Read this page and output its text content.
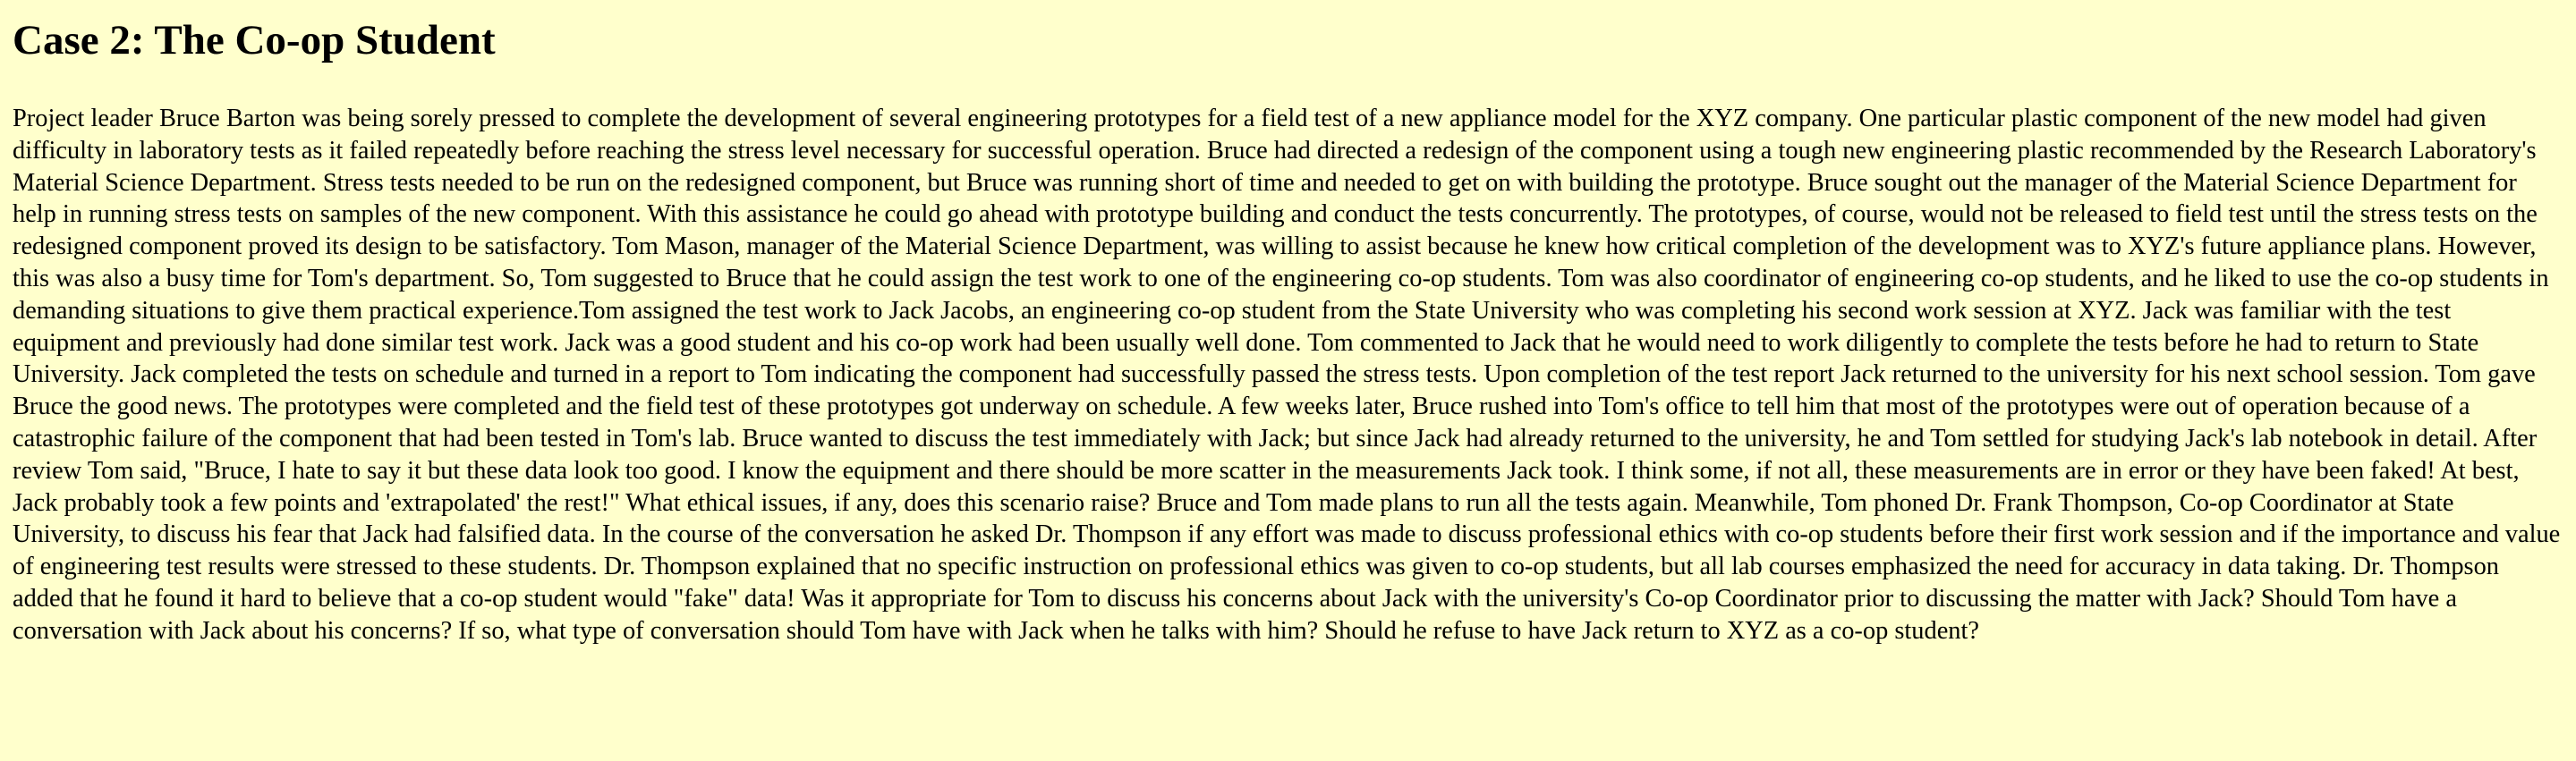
Case 2: The Co-op Student

Project leader Bruce Barton was being sorely pressed to complete the development of several engineering prototypes for a field test of a new appliance model for the XYZ company. One particular plastic component of the new model had given difficulty in laboratory tests as it failed repeatedly before reaching the stress level necessary for successful operation. Bruce had directed a redesign of the component using a tough new engineering plastic recommended by the Research Laboratory's Material Science Department. Stress tests needed to be run on the redesigned component, but Bruce was running short of time and needed to get on with building the prototype. Bruce sought out the manager of the Material Science Department for help in running stress tests on samples of the new component. With this assistance he could go ahead with prototype building and conduct the tests concurrently. The prototypes, of course, would not be released to field test until the stress tests on the redesigned component proved its design to be satisfactory. Tom Mason, manager of the Material Science Department, was willing to assist because he knew how critical completion of the development was to XYZ's future appliance plans. However, this was also a busy time for Tom's department. So, Tom suggested to Bruce that he could assign the test work to one of the engineering co-op students. Tom was also coordinator of engineering co-op students, and he liked to use the co-op students in demanding situations to give them practical experience.Tom assigned the test work to Jack Jacobs, an engineering co-op student from the State University who was completing his second work session at XYZ. Jack was familiar with the test equipment and previously had done similar test work. Jack was a good student and his co-op work had been usually well done. Tom commented to Jack that he would need to work diligently to complete the tests before he had to return to State University. Jack completed the tests on schedule and turned in a report to Tom indicating the component had successfully passed the stress tests. Upon completion of the test report Jack returned to the university for his next school session. Tom gave Bruce the good news. The prototypes were completed and the field test of these prototypes got underway on schedule. A few weeks later, Bruce rushed into Tom's office to tell him that most of the prototypes were out of operation because of a catastrophic failure of the component that had been tested in Tom's lab. Bruce wanted to discuss the test immediately with Jack; but since Jack had already returned to the university, he and Tom settled for studying Jack's lab notebook in detail. After review Tom said, "Bruce, I hate to say it but these data look too good. I know the equipment and there should be more scatter in the measurements Jack took. I think some, if not all, these measurements are in error or they have been faked! At best, Jack probably took a few points and 'extrapolated' the rest!" What ethical issues, if any, does this scenario raise? Bruce and Tom made plans to run all the tests again. Meanwhile, Tom phoned Dr. Frank Thompson, Co-op Coordinator at State University, to discuss his fear that Jack had falsified data. In the course of the conversation he asked Dr. Thompson if any effort was made to discuss professional ethics with co-op students before their first work session and if the importance and value of engineering test results were stressed to these students. Dr. Thompson explained that no specific instruction on professional ethics was given to co-op students, but all lab courses emphasized the need for accuracy in data taking. Dr. Thompson added that he found it hard to believe that a co-op student would "fake" data! Was it appropriate for Tom to discuss his concerns about Jack with the university's Co-op Coordinator prior to discussing the matter with Jack? Should Tom have a conversation with Jack about his concerns? If so, what type of conversation should Tom have with Jack when he talks with him? Should he refuse to have Jack return to XYZ as a co-op student?
